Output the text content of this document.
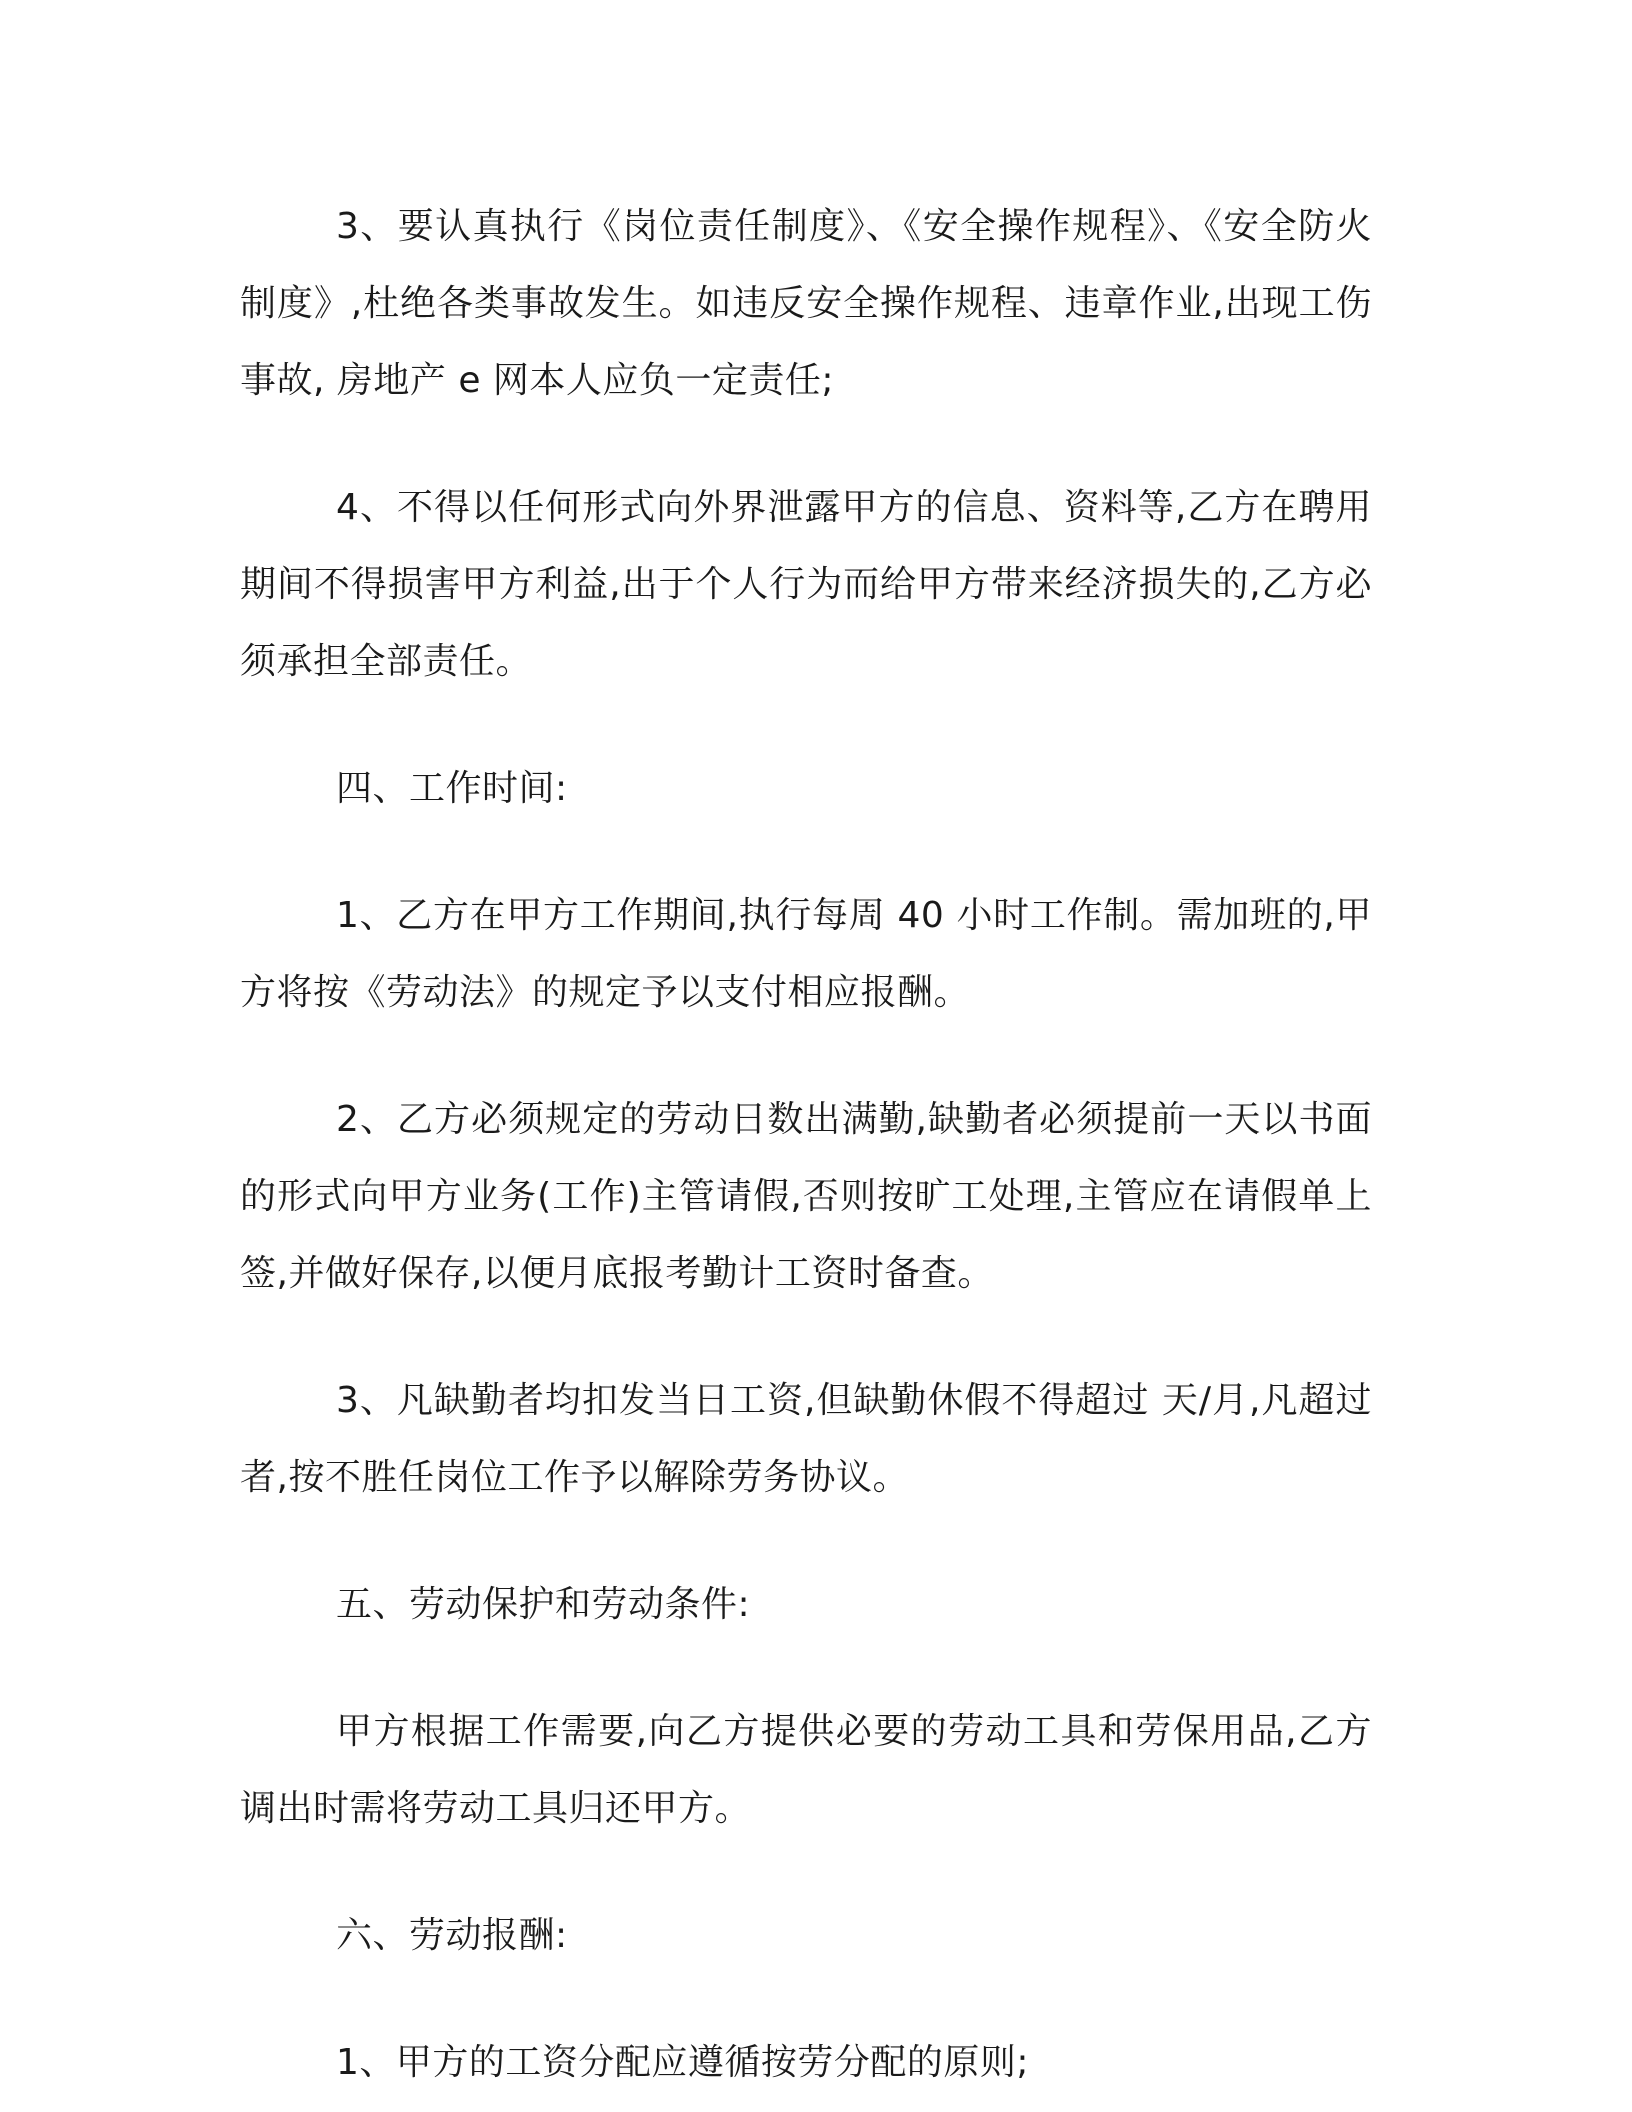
3、要认真执行《岗位责任制度》、《安全操作规程》、《安全防火制度》,杜绝各类事故发生。如违反安全操作规程、违章作业,出现工伤事故, 房地产 e 网本人应负一定责任;

4、不得以任何形式向外界泄露甲方的信息、资料等,乙方在聘用期间不得损害甲方利益,出于个人行为而给甲方带来经济损失的,乙方必须承担全部责任。

四、工作时间:

1、乙方在甲方工作期间,执行每周 40 小时工作制。需加班的,甲方将按《劳动法》的规定予以支付相应报酬。

2、乙方必须规定的劳动日数出满勤,缺勤者必须提前一天以书面的形式向甲方业务(工作)主管请假,否则按旷工处理,主管应在请假单上签,并做好保存,以便月底报考勤计工资时备查。

3、凡缺勤者均扣发当日工资,但缺勤休假不得超过 天/月,凡超过者,按不胜任岗位工作予以解除劳务协议。

五、劳动保护和劳动条件:

甲方根据工作需要,向乙方提供必要的劳动工具和劳保用品,乙方调出时需将劳动工具归还甲方。

六、劳动报酬:

1、甲方的工资分配应遵循按劳分配的原则;
